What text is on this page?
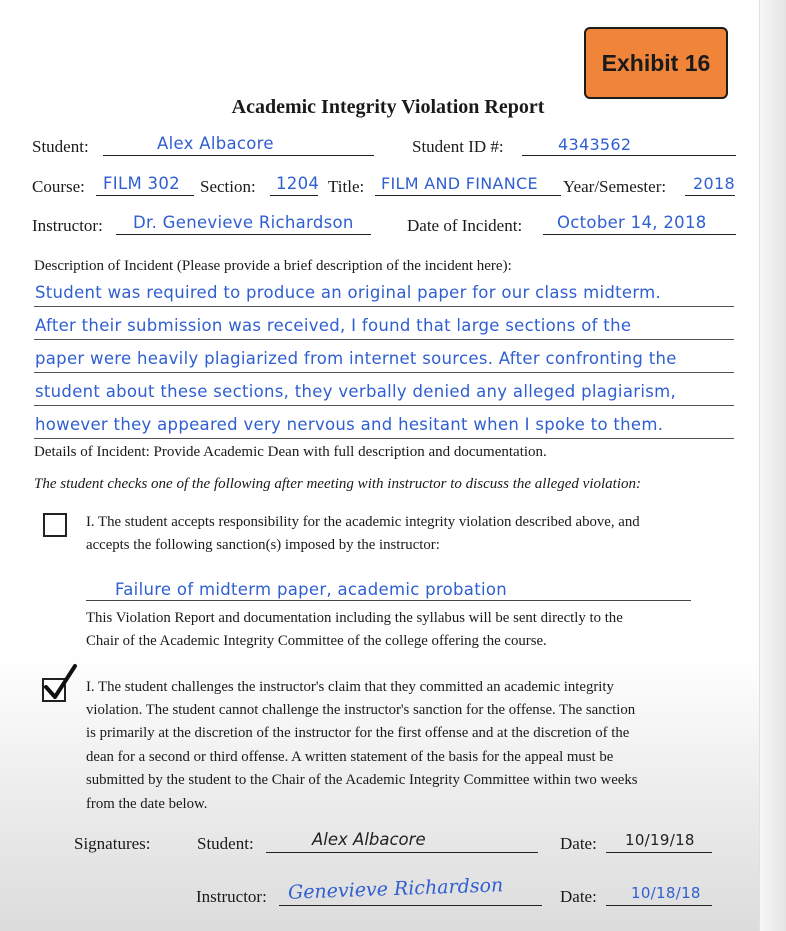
Exhibit 16
Academic Integrity Violation Report
Student:	Alex Albacore	Student ID #:	4343562
Course: FILM 302 Section: 1204 Title: FILM AND FINANCE Year/Semester: 2018
Instructor: Dr. Genevieve Richardson	Date of Incident: October 14, 2018
Description of Incident (Please provide a brief description of the incident here):
Student was required to produce an original paper for our class midterm.
After their submission was received, I found that large sections of the
paper were heavily plagiarized from internet sources. After confronting the
student about these sections, they verbally denied any alleged plagiarism,
however they appeared very nervous and hesitant when I spoke to them.
Details of Incident: Provide Academic Dean with full description and documentation.
The student checks one of the following after meeting with instructor to discuss the alleged violation:
I. The student accepts responsibility for the academic integrity violation described above, and
accepts the following sanction(s) imposed by the instructor:
Failure of midterm paper, academic probation
This Violation Report and documentation including the syllabus will be sent directly to the
Chair of the Academic Integrity Committee of the college offering the course.
I. The student challenges the instructor's claim that they committed an academic integrity
violation. The student cannot challenge the instructor's sanction for the offense. The sanction
is primarily at the discretion of the instructor for the first offense and at the discretion of the
dean for a second or third offense. A written statement of the basis for the appeal must be
submitted by the student to the Chair of the Academic Integrity Committee within two weeks
from the date below.
Signatures:	Student:	Alex Albacore	Date: 10/19/18
Instructor: Genevieve Richardson	Date: 10/18/18
